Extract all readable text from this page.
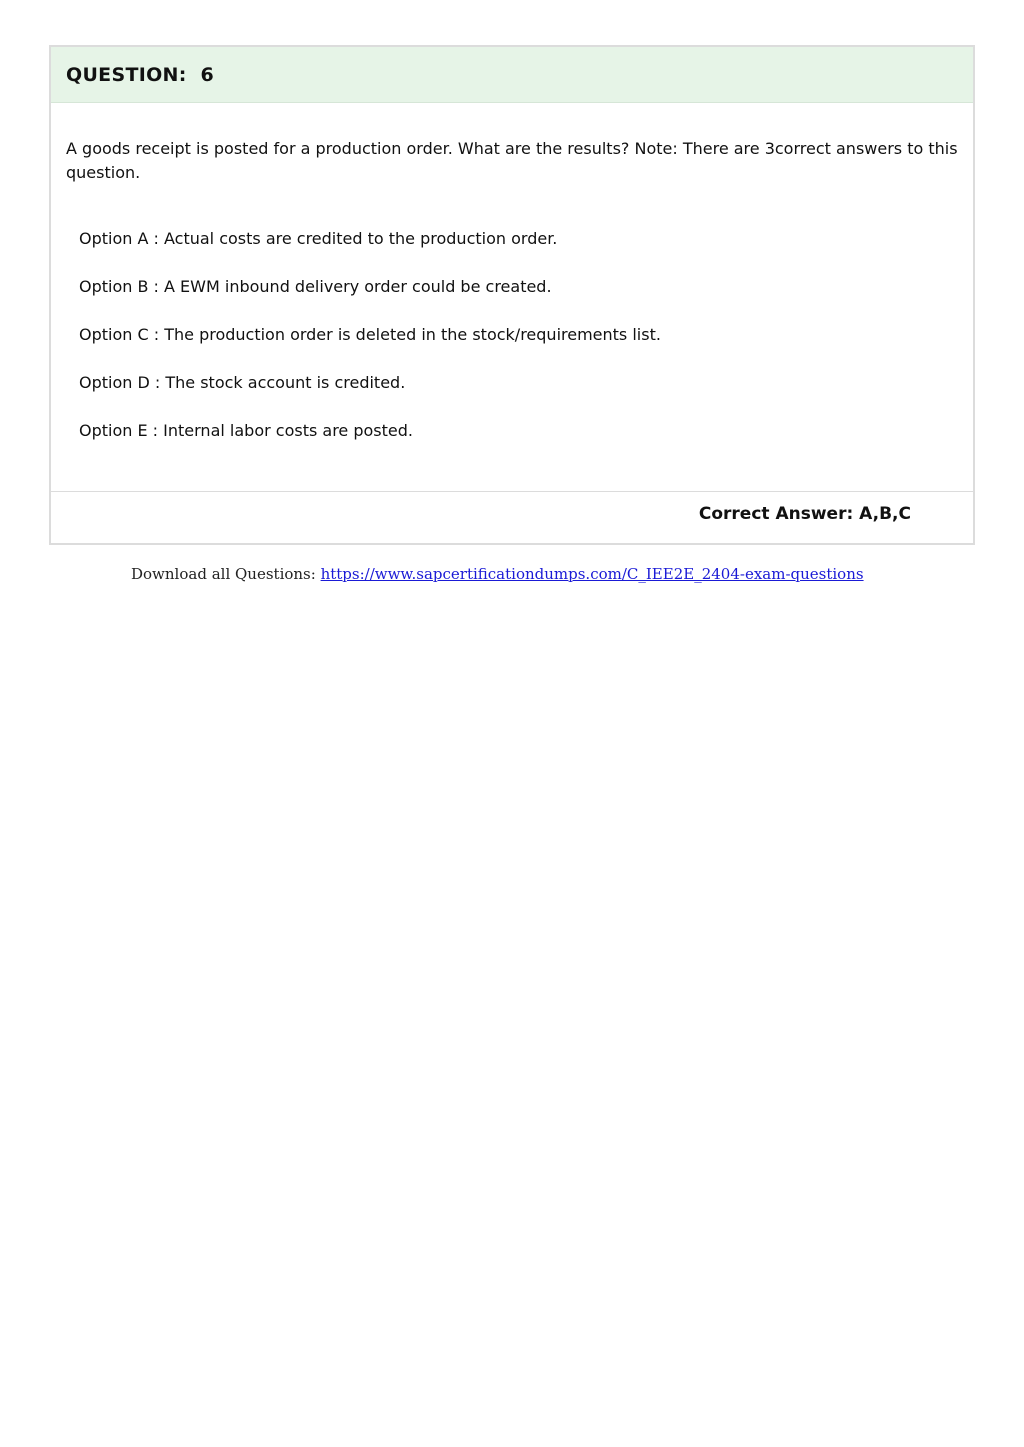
QUESTION:  6
A goods receipt is posted for a production order. What are the results? Note: There are 3correct answers to this question.
Option A : Actual costs are credited to the production order.
Option B : A EWM inbound delivery order could be created.
Option C : The production order is deleted in the stock/requirements list.
Option D : The stock account is credited.
Option E : Internal labor costs are posted.
Correct Answer: A,B,C
Download all Questions: https://www.sapcertificationdumps.com/C_IEE2E_2404-exam-questions
